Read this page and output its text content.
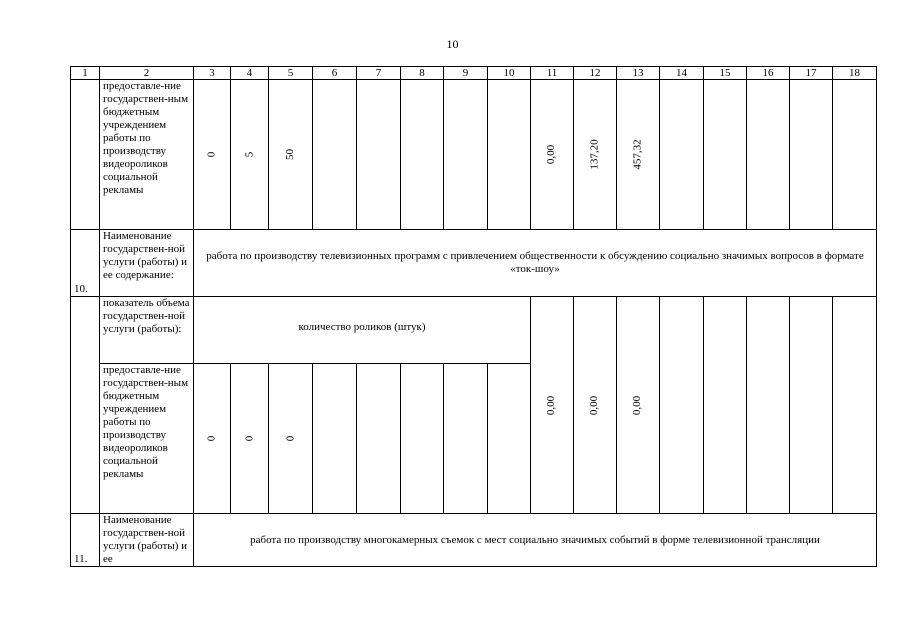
10
1	2	3	4	5	6	7	8	9	10	11	12	13	14	15	16	17	18
	предоставле-ние государствен-ным бюджетным учреждением работы по производству видеороликов социальной рекламы	0	5	50						0,00	137,20	457,32					
10.	Наименование государствен-ной услуги (работы) и ее содержание:	работа по производству телевизионных программ с привлечением общественности к обсуждению социально значимых вопросов в формате «ток-шоу»															
	показатель объема государствен-ной услуги (работы):	количество роликов (штук)								0,00	0,00	0,00					
	предоставле-ние государствен-ным бюджетным учреждением работы по производству видеороликов социальной рекламы	0	0	0													
11.	Наименование государствен-ной услуги (работы) и ее	работа по производству многокамерных съемок с мест социально значимых событий в форме телевизионной трансляции															
